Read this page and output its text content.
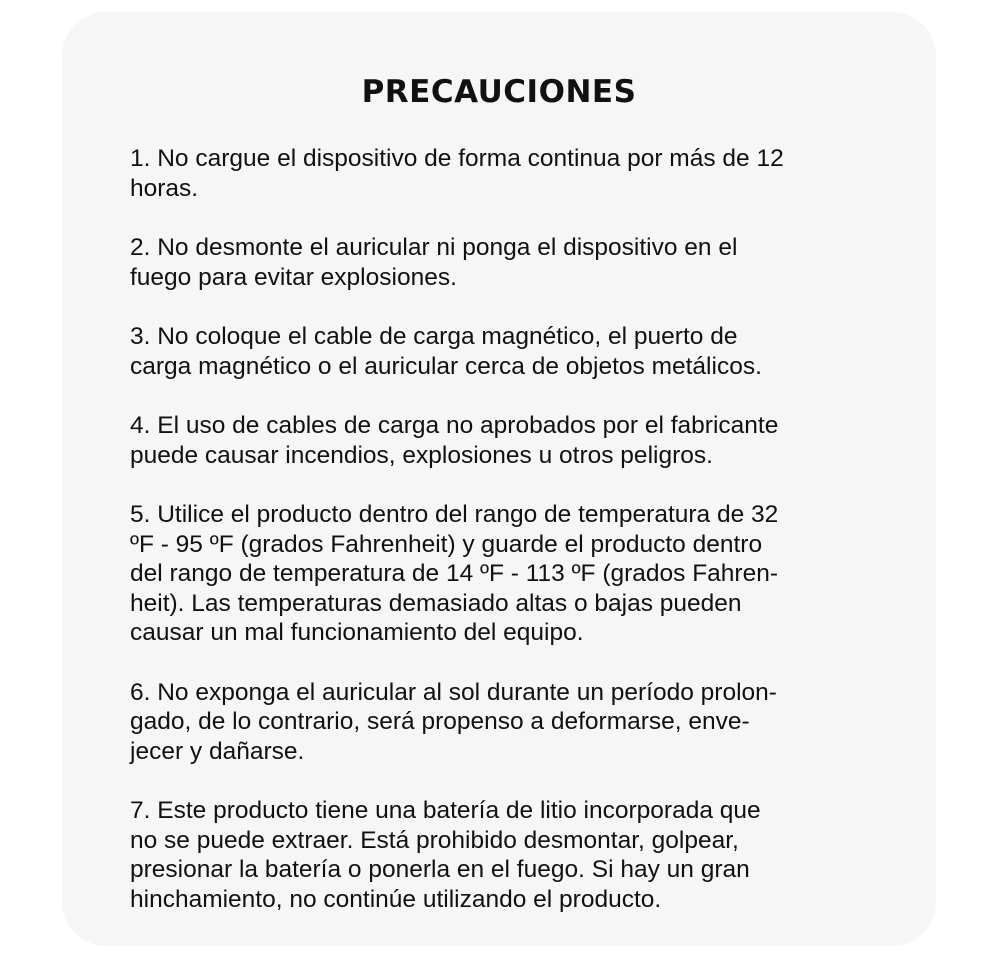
PRECAUCIONES
1. No cargue el dispositivo de forma continua por más de 12
horas.
2. No desmonte el auricular ni ponga el dispositivo en el
fuego para evitar explosiones.
3. No coloque el cable de carga magnético, el puerto de
carga magnético o el auricular cerca de objetos metálicos.
4. El uso de cables de carga no aprobados por el fabricante
puede causar incendios, explosiones u otros peligros.
5. Utilice el producto dentro del rango de temperatura de 32
ºF - 95 ºF (grados Fahrenheit) y guarde el producto dentro
del rango de temperatura de 14 ºF - 113 ºF (grados Fahren-
heit). Las temperaturas demasiado altas o bajas pueden
causar un mal funcionamiento del equipo.
6. No exponga el auricular al sol durante un período prolon-
gado, de lo contrario, será propenso a deformarse, enve-
jecer y dañarse.
7. Este producto tiene una batería de litio incorporada que
no se puede extraer. Está prohibido desmontar, golpear,
presionar la batería o ponerla en el fuego. Si hay un gran
hinchamiento, no continúe utilizando el producto.
